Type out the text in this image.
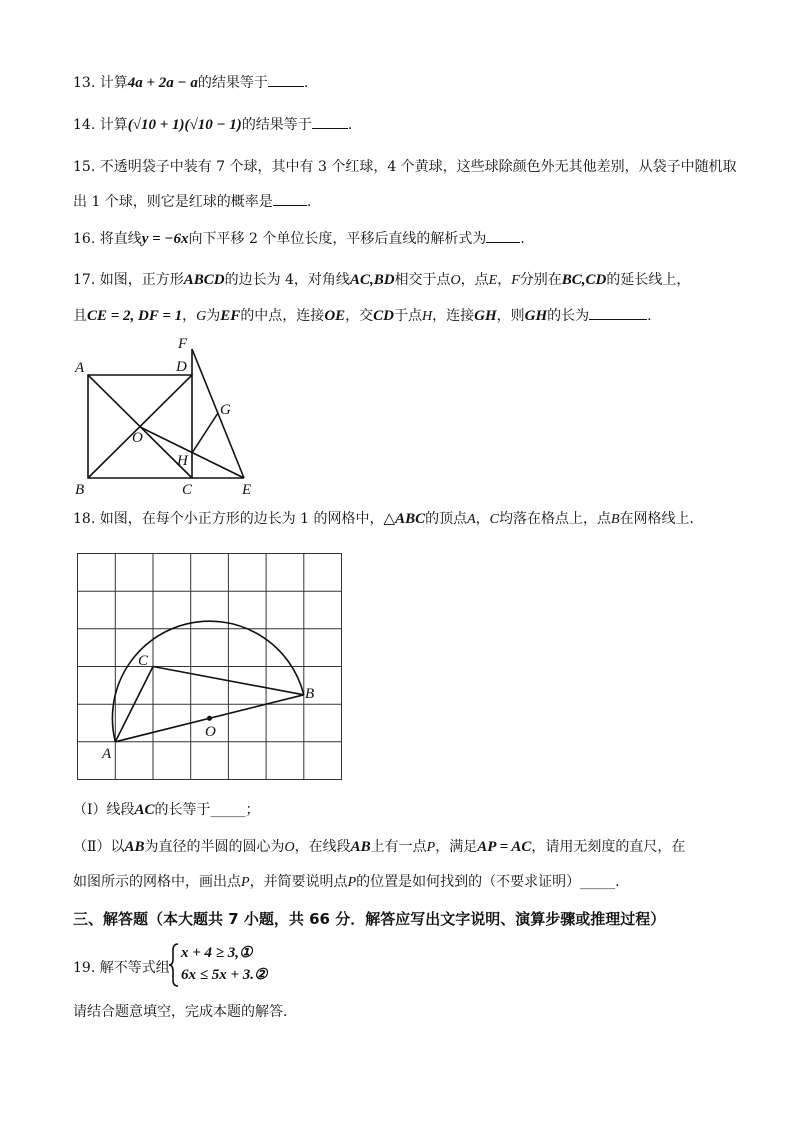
13. 计算4a + 2a − a的结果等于	.
14. 计算(√10 + 1)(√10 − 1)的结果等于	.
15. 不透明袋子中装有 7 个球，其中有 3 个红球，4 个黄球，这些球除颜色外无其他差别，从袋子中随机取
出 1 个球，则它是红球的概率是 .
16. 将直线y = −6x向下平移 2 个单位长度，平移后直线的解析式为 .
17. 如图，正方形ABCD的边长为 4，对角线AC,BD相交于点O，点E，F分别在BC,CD的延长线上，
且CE = 2, DF = 1，G为EF的中点，连接OE，交CD于点H，连接GH，则GH的长为	.
A	D
F
G
O
H
B	C	E
18. 如图，在每个小正方形的边长为 1 的网格中，△ABC的顶点A，C均落在格点上，点B在网格线上．
C
B
O
A
（Ⅰ）线段AC的长等于_____；
（Ⅱ）以AB为直径的半圆的圆心为O，在线段AB上有一点P，满足AP = AC，请用无刻度的直尺，在
如图所示的网格中，画出点P，并简要说明点P的位置是如何找到的（不要求证明）_____.
三、解答题（本大题共 7 小题，共 66 分．解答应写出文字说明、演算步骤或推理过程）
19. 解不等式组
x + 4 ≥ 3,①
6x ≤ 5x + 3.②
请结合题意填空，完成本题的解答．
